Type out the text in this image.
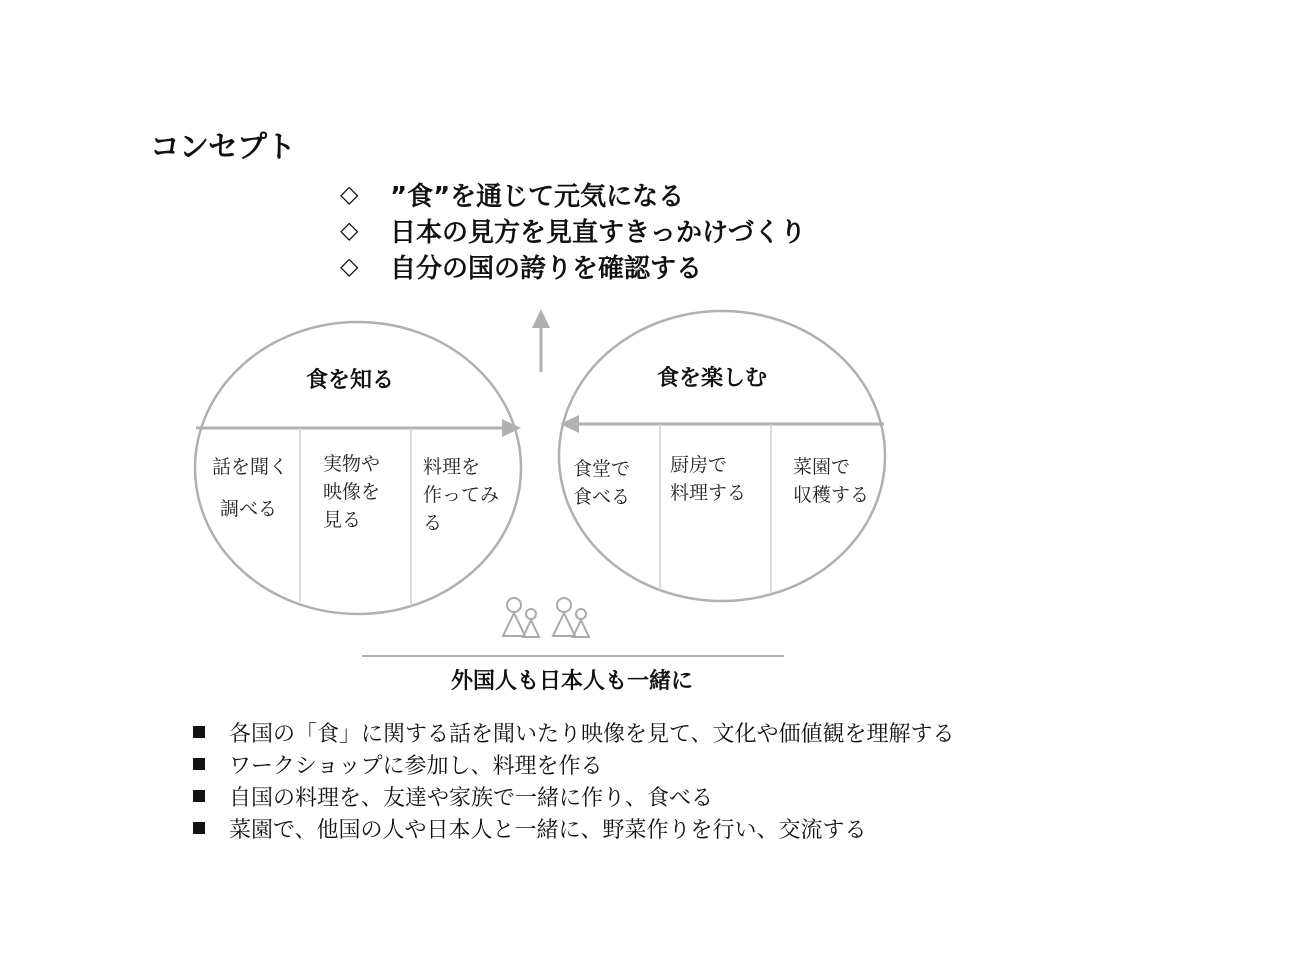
コンセプト
◇	”食”を通じて元気になる
◇	日本の見方を見直すきっかけづくり
◇	自分の国の誇りを確認する
食を知る
話を聞く
調べる
実物や
映像を
見る
料理を
作ってみ
る
食を楽しむ
食堂で
食べる
厨房で
料理する
菜園で
収穫する
外国人も日本人も一緒に
各国の「食」に関する話を聞いたり映像を見て、文化や価値観を理解する
ワークショップに参加し、料理を作る
自国の料理を、友達や家族で一緒に作り、食べる
菜園で、他国の人や日本人と一緒に、野菜作りを行い、交流する
